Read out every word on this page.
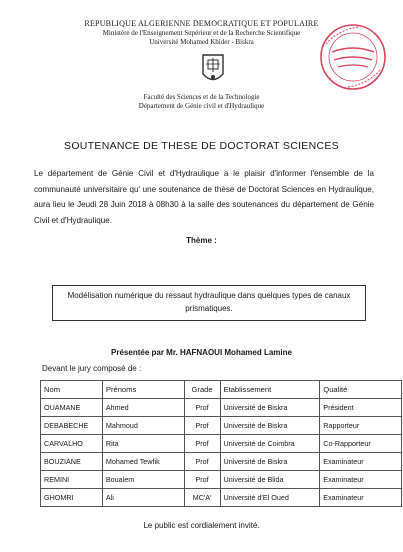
REPUBLIQUE ALGERIENNE DEMOCRATIQUE ET POPULAIRE
Ministère de l'Enseignement Supérieur et de la Recherche Scientifique
Université Mohamed Khider - Biskra
Faculté des Sciences et de la Technologie
Département de Génie civil et d'Hydraulique
SOUTENANCE DE THESE DE DOCTORAT SCIENCES
Le département de Génie Civil et d'Hydraulique a le plaisir d'informer l'ensemble de la communauté universitaire qu' une soutenance de thèse de Doctorat Sciences en Hydraulique, aura lieu le Jeudi 28 Juin 2018 à 08h30 à la salle des soutenances du département de Génie Civil et d'Hydraulique.
Thème :
Modélisation numérique du ressaut hydraulique dans quelques types de canaux prismatiques.
Présentée par Mr. HAFNAOUI Mohamed Lamine
Devant le jury composé de :
Nom	Prénoms	Grade	Etablissement	Qualité
OUAMANE	Ahmed	Prof	Université de Biskra	Président
DEBABECHE	Mahmoud	Prof	Université de Biskra	Rapporteur
CARVALHO	Rita	Prof	Université de Coimbra	Co-Rapporteur
BOUZIANE	Mohamed Tewfik	Prof	Université de Biskra	Examinateur
REMINI	Boualem	Prof	Université de Blida	Examinateur
GHOMRI	Ali	MC'A'	Université d'El Oued	Examinateur
Le public est cordialement invité.
